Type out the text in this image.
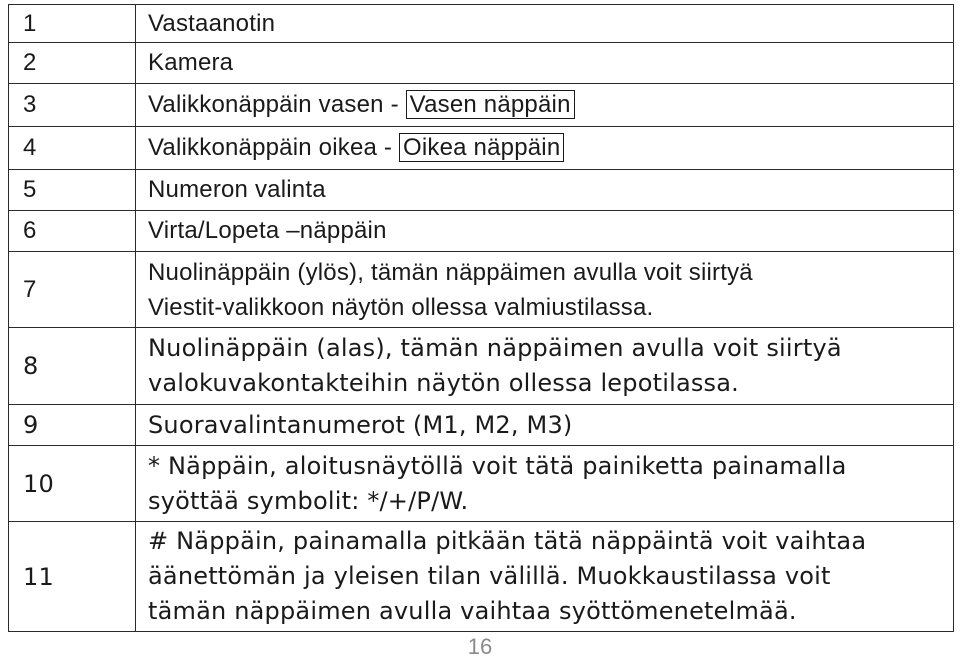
1	Vastaanotin
2	Kamera
3	Valikkonäppäin vasen - Vasen näppäin
4	Valikkonäppäin oikea - Oikea näppäin
5	Numeron valinta
6	Virta/Lopeta –näppäin
7	Nuolinäppäin (ylös), tämän näppäimen avulla voit siirtyä
Viestit-valikkoon näytön ollessa valmiustilassa.

8	Nuolinäppäin (alas), tämän näppäimen avulla voit siirtyä
valokuvakontakteihin näytön ollessa lepotilassa.

9	Suoravalintanumerot (M1, M2, M3)
10	* Näppäin, aloitusnäytöllä voit tätä painiketta painamalla
syöttää symbolit: */+/P/W.

11	# Näppäin, painamalla pitkään tätä näppäintä voit vaihtaa
äänettömän ja yleisen tilan välillä. Muokkaustilassa voit
tämän näppäimen avulla vaihtaa syöttömenetelmää.
16
